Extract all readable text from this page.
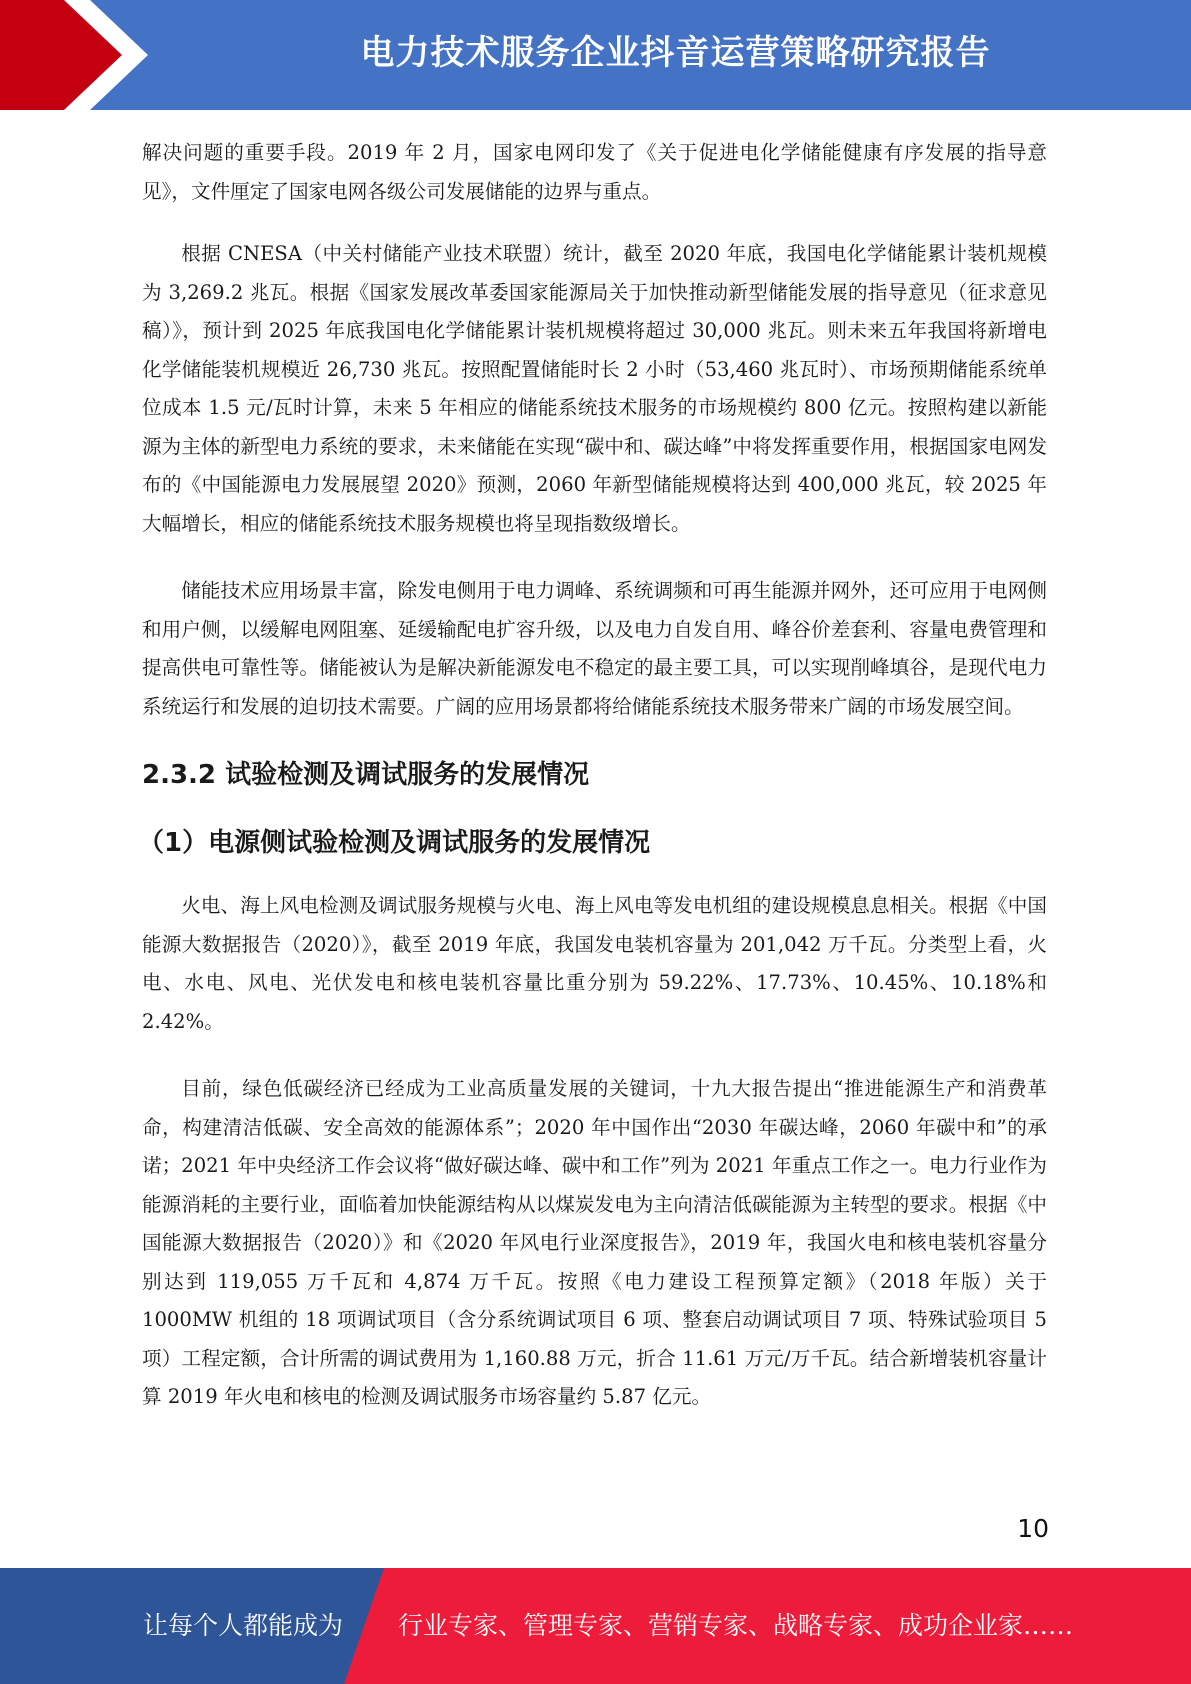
电力技术服务企业抖音运营策略研究报告

解决问题的重要手段。2019 年 2 月，国家电网印发了《关于促进电化学储能健康有序发展的指导意见》，文件厘定了国家电网各级公司发展储能的边界与重点。

根据 CNESA（中关村储能产业技术联盟）统计，截至 2020 年底，我国电化学储能累计装机规模为 3,269.2 兆瓦。根据《国家发展改革委国家能源局关于加快推动新型储能发展的指导意见（征求意见稿）》，预计到 2025 年底我国电化学储能累计装机规模将超过 30,000 兆瓦。则未来五年我国将新增电化学储能装机规模近 26,730 兆瓦。按照配置储能时长 2 小时（53,460 兆瓦时）、市场预期储能系统单位成本 1.5 元/瓦时计算，未来 5 年相应的储能系统技术服务的市场规模约 800 亿元。按照构建以新能源为主体的新型电力系统的要求，未来储能在实现“碳中和、碳达峰”中将发挥重要作用，根据国家电网发布的《中国能源电力发展展望 2020》预测，2060 年新型储能规模将达到 400,000 兆瓦，较 2025 年大幅增长，相应的储能系统技术服务规模也将呈现指数级增长。

储能技术应用场景丰富，除发电侧用于电力调峰、系统调频和可再生能源并网外，还可应用于电网侧和用户侧，以缓解电网阻塞、延缓输配电扩容升级，以及电力自发自用、峰谷价差套利、容量电费管理和提高供电可靠性等。储能被认为是解决新能源发电不稳定的最主要工具，可以实现削峰填谷，是现代电力系统运行和发展的迫切技术需要。广阔的应用场景都将给储能系统技术服务带来广阔的市场发展空间。

2.3.2 试验检测及调试服务的发展情况
（1）电源侧试验检测及调试服务的发展情况

火电、海上风电检测及调试服务规模与火电、海上风电等发电机组的建设规模息息相关。根据《中国能源大数据报告（2020）》，截至 2019 年底，我国发电装机容量为 201,042 万千瓦。分类型上看，火电、水电、风电、光伏发电和核电装机容量比重分别为 59.22%、17.73%、10.45%、10.18%和 2.42%。

目前，绿色低碳经济已经成为工业高质量发展的关键词，十九大报告提出“推进能源生产和消费革命，构建清洁低碳、安全高效的能源体系”；2020 年中国作出“2030 年碳达峰，2060 年碳中和”的承诺；2021 年中央经济工作会议将“做好碳达峰、碳中和工作”列为 2021 年重点工作之一。电力行业作为能源消耗的主要行业，面临着加快能源结构从以煤炭发电为主向清洁低碳能源为主转型的要求。根据《中国能源大数据报告（2020）》和《2020 年风电行业深度报告》，2019 年，我国火电和核电装机容量分别达到 119,055 万千瓦和 4,874 万千瓦。按照《电力建设工程预算定额》（2018 年版）关于 1000MW 机组的 18 项调试项目（含分系统调试项目 6 项、整套启动调试项目 7 项、特殊试验项目 5 项）工程定额，合计所需的调试费用为 1,160.88 万元，折合 11.61 万元/万千瓦。结合新增装机容量计算 2019 年火电和核电的检测及调试服务市场容量约 5.87 亿元。

10
让每个人都能成为 行业专家、管理专家、营销专家、战略专家、成功企业家……
